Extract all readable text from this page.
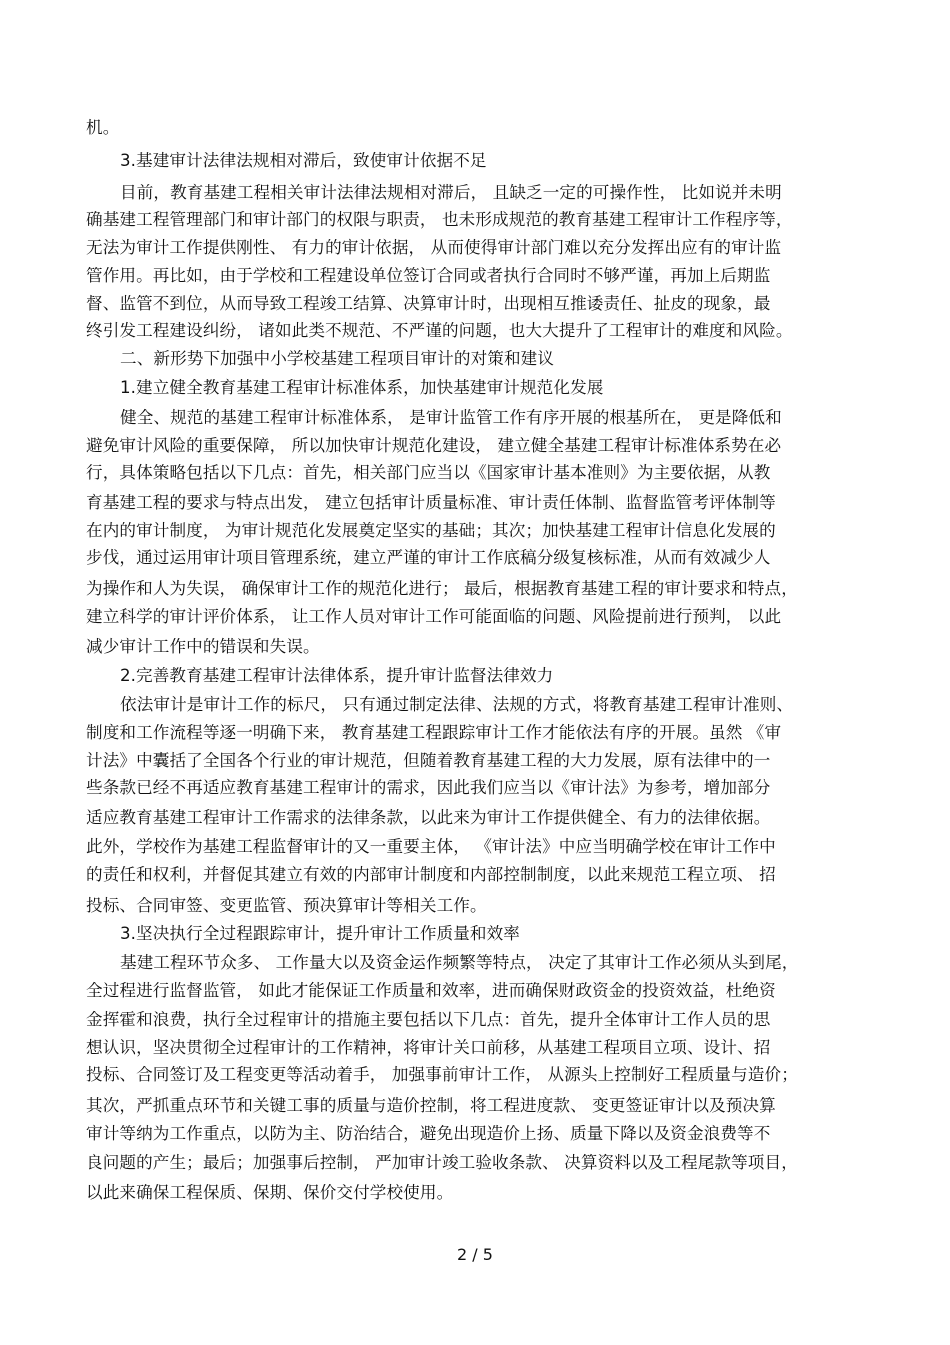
机。
3.基建审计法律法规相对滞后，致使审计依据不足
目前，教育基建工程相关审计法律法规相对滞后， 且缺乏一定的可操作性， 比如说并未明
确基建工程管理部门和审计部门的权限与职责， 也未形成规范的教育基建工程审计工作程序等，
无法为审计工作提供刚性、 有力的审计依据， 从而使得审计部门难以充分发挥出应有的审计监
管作用。再比如，由于学校和工程建设单位签订合同或者执行合同时不够严谨，再加上后期监
督、监管不到位，从而导致工程竣工结算、决算审计时，出现相互推诿责任、扯皮的现象，最
终引发工程建设纠纷， 诸如此类不规范、不严谨的问题，也大大提升了工程审计的难度和风险。
二、新形势下加强中小学校基建工程项目审计的对策和建议
1.建立健全教育基建工程审计标准体系，加快基建审计规范化发展
健全、规范的基建工程审计标准体系， 是审计监管工作有序开展的根基所在， 更是降低和
避免审计风险的重要保障， 所以加快审计规范化建设， 建立健全基建工程审计标准体系势在必
行，具体策略包括以下几点：首先，相关部门应当以《国家审计基本准则》为主要依据，从教
育基建工程的要求与特点出发， 建立包括审计质量标准、审计责任体制、监督监管考评体制等
在内的审计制度， 为审计规范化发展奠定坚实的基础；其次；加快基建工程审计信息化发展的
步伐，通过运用审计项目管理系统，建立严谨的审计工作底稿分级复核标准，从而有效减少人
为操作和人为失误， 确保审计工作的规范化进行； 最后，根据教育基建工程的审计要求和特点，
建立科学的审计评价体系， 让工作人员对审计工作可能面临的问题、风险提前进行预判， 以此
减少审计工作中的错误和失误。
2.完善教育基建工程审计法律体系，提升审计监督法律效力
依法审计是审计工作的标尺， 只有通过制定法律、法规的方式，将教育基建工程审计准则、
制度和工作流程等逐一明确下来， 教育基建工程跟踪审计工作才能依法有序的开展。虽然 《审
计法》中囊括了全国各个行业的审计规范，但随着教育基建工程的大力发展，原有法律中的一
些条款已经不再适应教育基建工程审计的需求，因此我们应当以《审计法》为参考，增加部分
适应教育基建工程审计工作需求的法律条款，以此来为审计工作提供健全、有力的法律依据。
此外，学校作为基建工程监督审计的又一重要主体， 《审计法》中应当明确学校在审计工作中
的责任和权利，并督促其建立有效的内部审计制度和内部控制制度，以此来规范工程立项、 招
投标、合同审签、变更监管、预决算审计等相关工作。
3.坚决执行全过程跟踪审计，提升审计工作质量和效率
基建工程环节众多、 工作量大以及资金运作频繁等特点， 决定了其审计工作必须从头到尾，
全过程进行监督监管， 如此才能保证工作质量和效率，进而确保财政资金的投资效益，杜绝资
金挥霍和浪费，执行全过程审计的措施主要包括以下几点：首先，提升全体审计工作人员的思
想认识，坚决贯彻全过程审计的工作精神，将审计关口前移，从基建工程项目立项、设计、招
投标、合同签订及工程变更等活动着手， 加强事前审计工作， 从源头上控制好工程质量与造价；
其次，严抓重点环节和关键工事的质量与造价控制，将工程进度款、 变更签证审计以及预决算
审计等纳为工作重点，以防为主、防治结合，避免出现造价上扬、质量下降以及资金浪费等不
良问题的产生；最后；加强事后控制， 严加审计竣工验收条款、 决算资料以及工程尾款等项目，
以此来确保工程保质、保期、保价交付学校使用。
2 / 5
